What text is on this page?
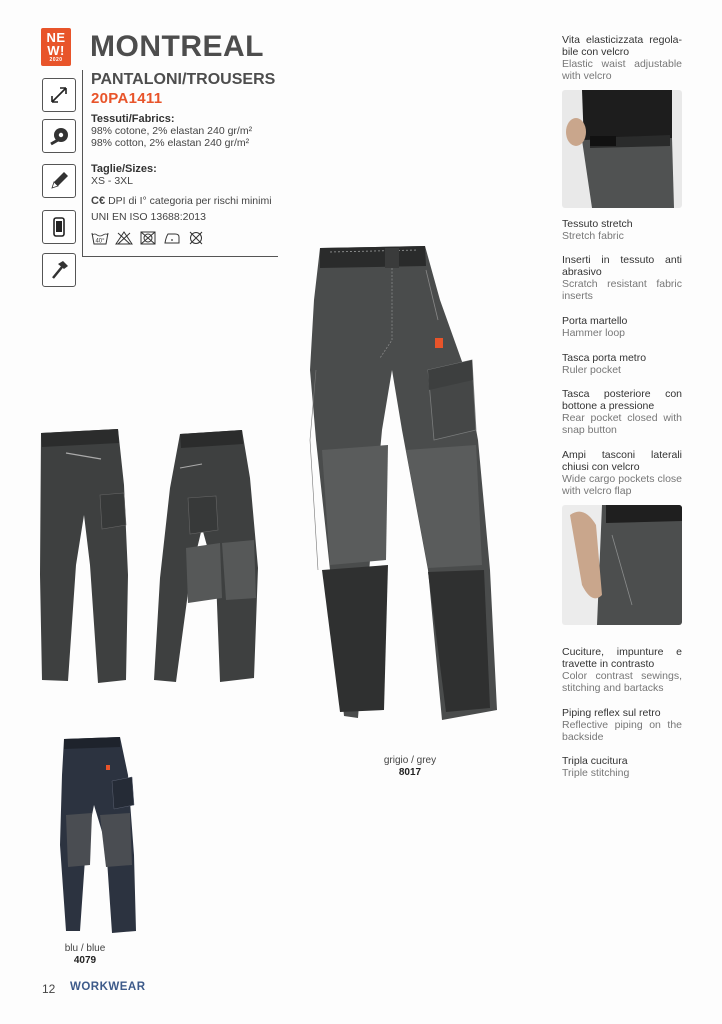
NE
W!
2020 MONTREAL
PANTALONI/TROUSERS
20PA1411
Tessuti/Fabrics:
98% cotone, 2% elastan 240 gr/m²
98% cotton, 2% elastan 240 gr/m²
Taglie/Sizes:
XS - 3XL
C€ DPI di I° categoria per rischi minimi
UNI EN ISO 13688:2013
40°
grigio / grey
8017
blu / blue
4079
Vita elasticizzata regola-bile con velcro
Elastic waist adjustable with velcro
Tessuto stretch
Stretch fabric
Inserti in tessuto anti abrasivo
Scratch resistant fabric inserts
Porta martello
Hammer loop
Tasca porta metro
Ruler pocket
Tasca posteriore con bottone a pressione
Rear pocket closed with snap button
Ampi tasconi laterali chiusi con velcro
Wide cargo pockets close with velcro flap
Cuciture, impunture e travette in contrasto
Color contrast sewings, stitching and bartacks
Piping reflex sul retro
Reflective piping on the backside
Tripla cucitura
Triple stitching
12 WORKWEAR
